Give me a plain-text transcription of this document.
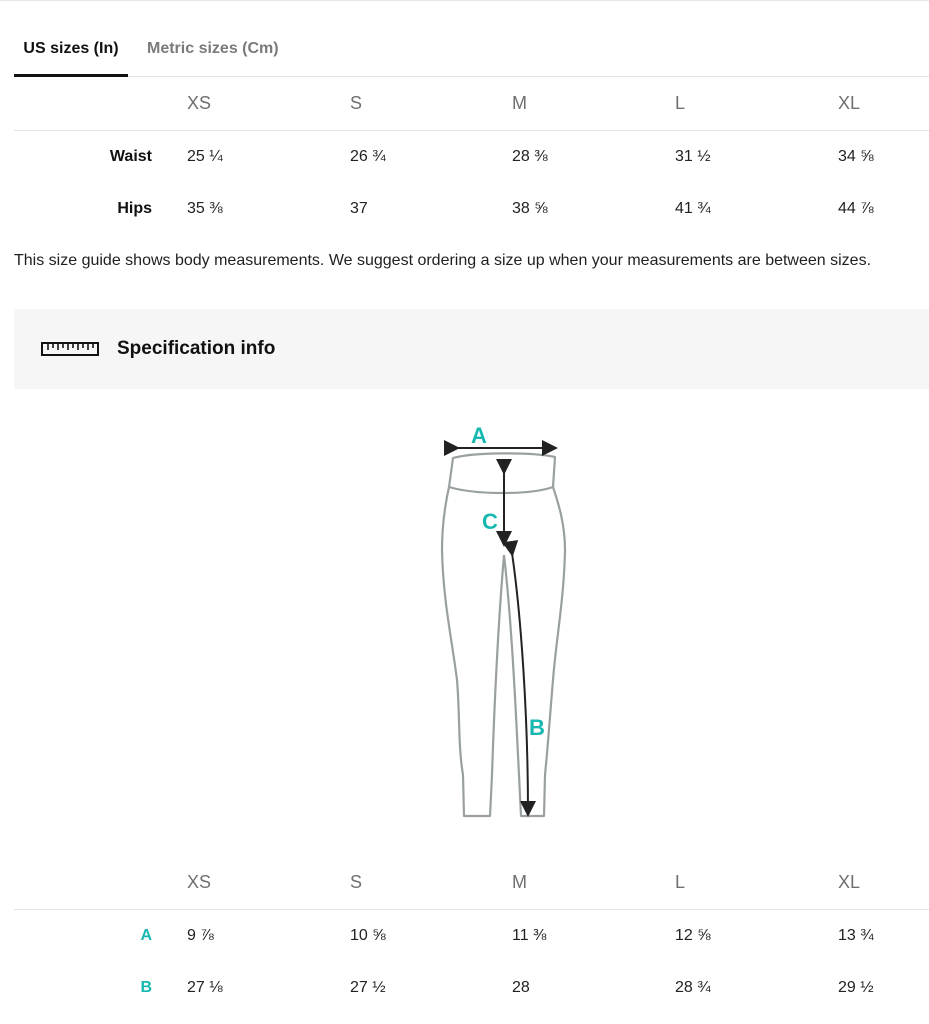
US sizes (In)	Metric sizes (Cm)
XS	S	M	L	XL
Waist 25 ¼	26 ¾	28 ⅜	31 ½	34 ⅝
Hips 35 ⅜	37	38 ⅝	41 ¾	44 ⅞
This size guide shows body measurements. We suggest ordering a size up when your measurements are between sizes.
Specification info
A
C
B
XS	S	M	L	XL
A 9 ⅞	10 ⅝	11 ⅜	12 ⅝	13 ¾
B 27 ⅛	27 ½	28	28 ¾	29 ½
